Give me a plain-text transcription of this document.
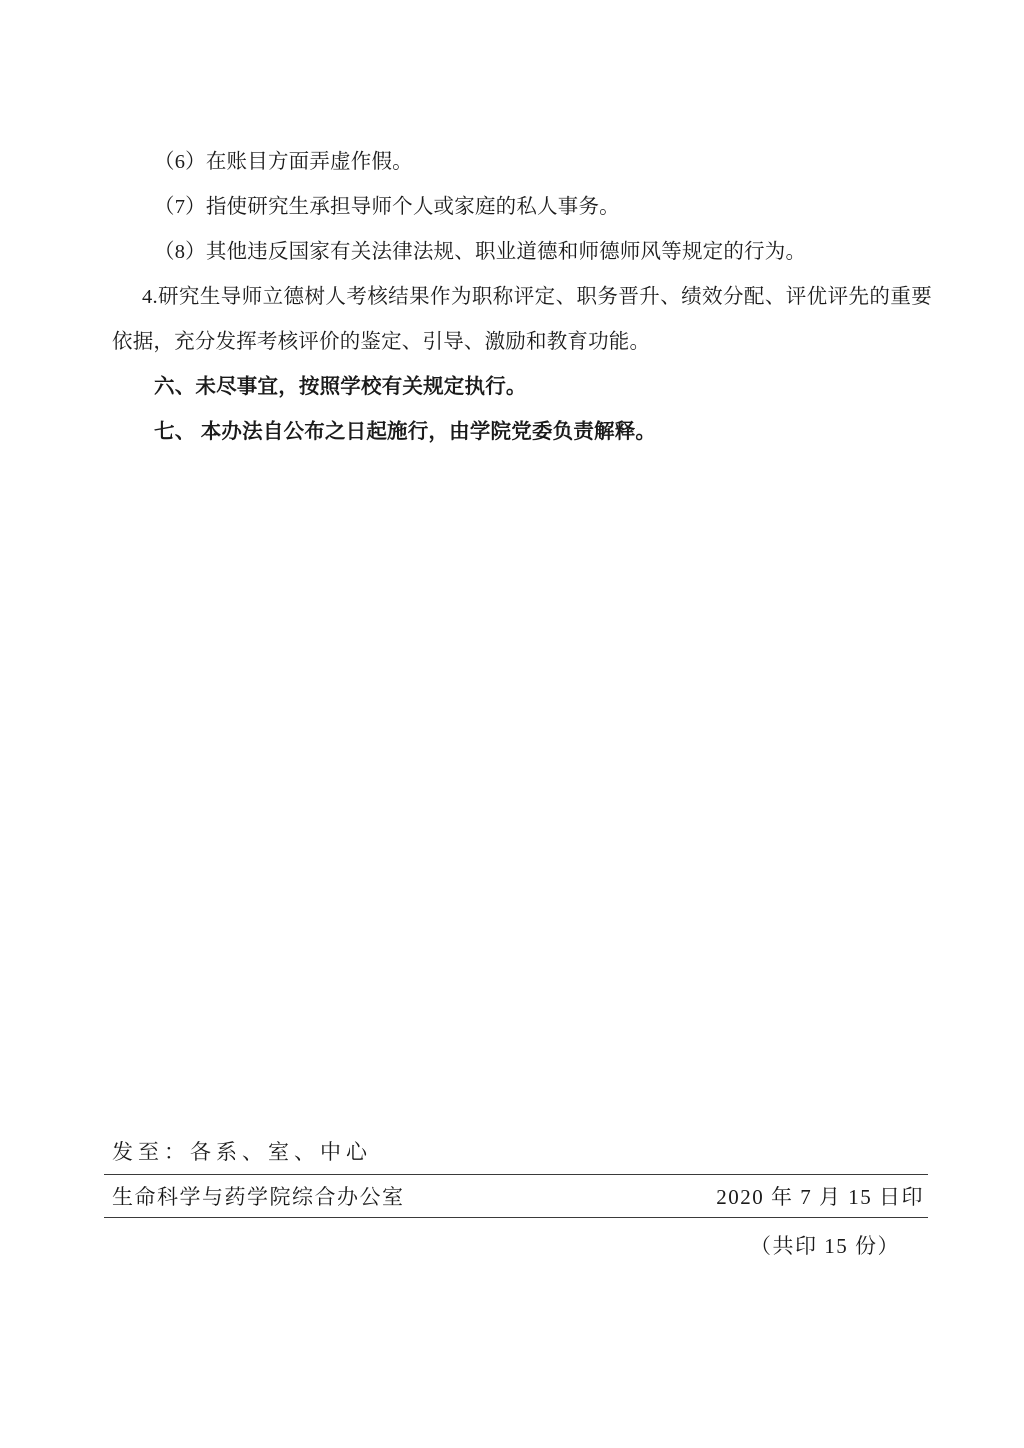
（6）在账目方面弄虚作假。

（7）指使研究生承担导师个人或家庭的私人事务。

（8）其他违反国家有关法律法规、职业道德和师德师风等规定的行为。

4.研究生导师立德树人考核结果作为职称评定、职务晋升、绩效分配、评优评先的重要依据，充分发挥考核评价的鉴定、引导、激励和教育功能。

六、未尽事宜，按照学校有关规定执行。

七、 本办法自公布之日起施行，由学院党委负责解释。

发至：各系、室、中心
生命科学与药学院综合办公室	2020 年 7 月 15 日印
（共印 15 份）
